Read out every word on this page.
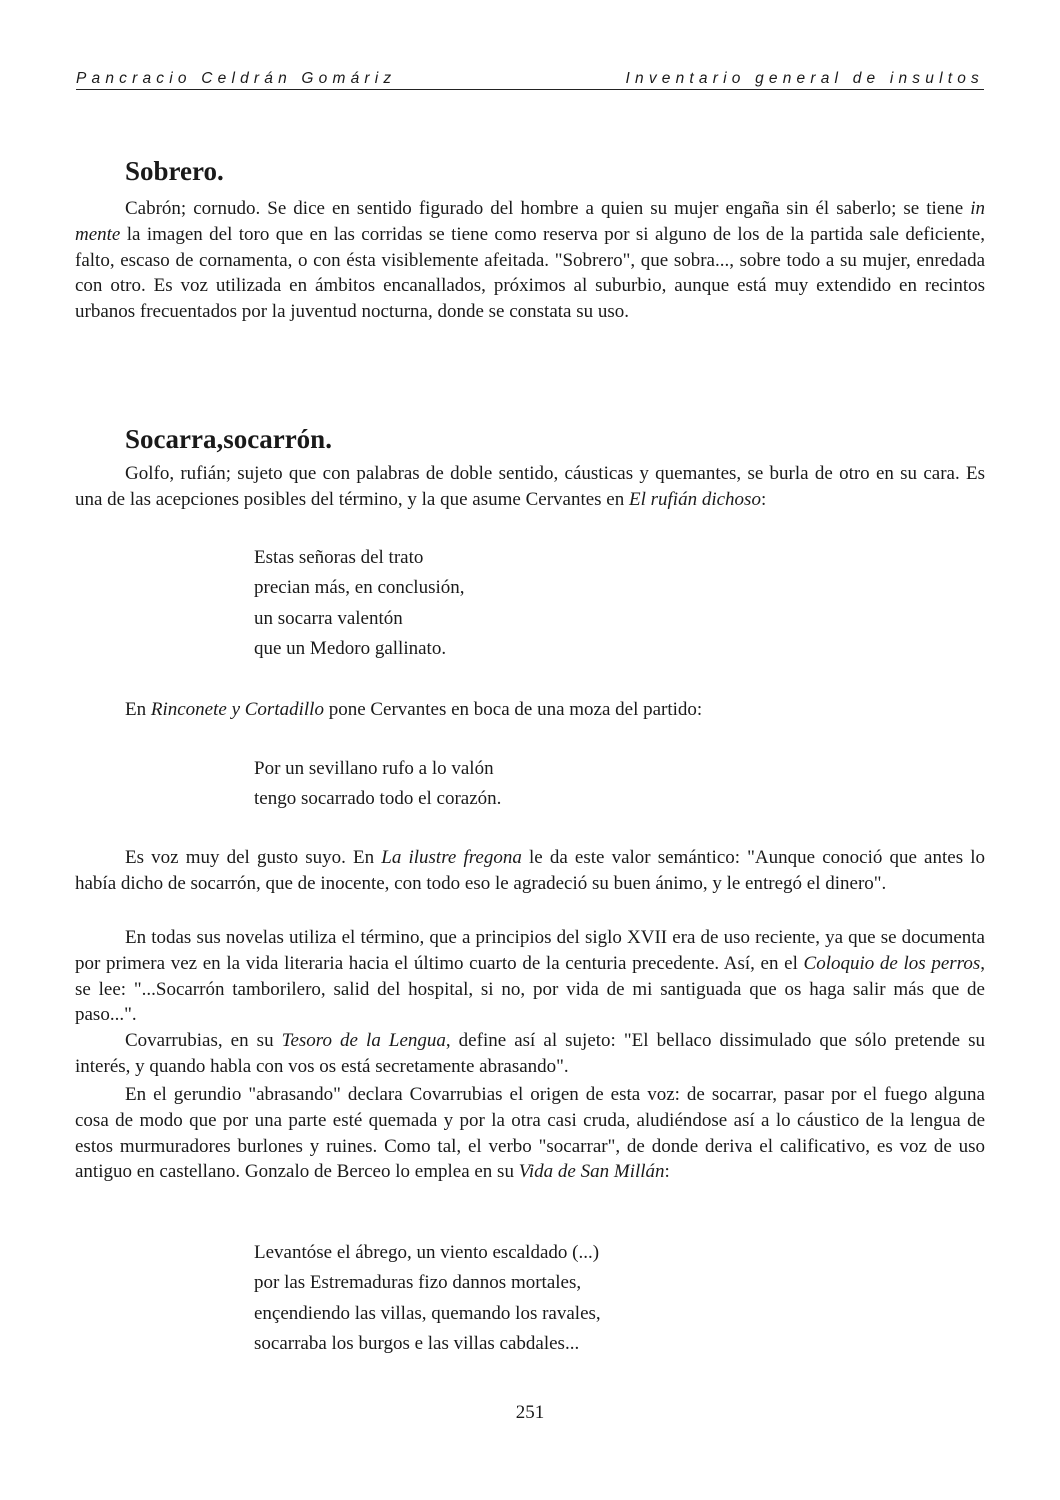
Pancracio Celdrán Gomáriz	Inventario general de insultos
Sobrero.
Cabrón; cornudo. Se dice en sentido figurado del hombre a quien su mujer engaña sin él saberlo; se tiene in mente la imagen del toro que en las corridas se tiene como reserva por si alguno de los de la partida sale deficiente, falto, escaso de cornamenta, o con ésta visiblemente afeitada. "Sobrero", que sobra..., sobre todo a su mujer, enredada con otro. Es voz utilizada en ámbitos encanallados, próximos al suburbio, aunque está muy extendido en recintos urbanos frecuentados por la juventud nocturna, donde se constata su uso.
Socarra,socarrón.
Golfo, rufián; sujeto que con palabras de doble sentido, cáusticas y quemantes, se burla de otro en su cara. Es una de las acepciones posibles del término, y la que asume Cervantes en El rufián dichoso:
Estas señoras del trato
precian más, en conclusión,
un socarra valentón
que un Medoro gallinato.
En Rinconete y Cortadillo pone Cervantes en boca de una moza del partido:
Por un sevillano rufo a lo valón
tengo socarrado todo el corazón.
Es voz muy del gusto suyo. En La ilustre fregona le da este valor semántico: "Aunque conoció que antes lo había dicho de socarrón, que de inocente, con todo eso le agradeció su buen ánimo, y le entregó el dinero".
En todas sus novelas utiliza el término, que a principios del siglo XVII era de uso reciente, ya que se documenta por primera vez en la vida literaria hacia el último cuarto de la centuria precedente. Así, en el Coloquio de los perros, se lee: "...Socarrón tamborilero, salid del hospital, si no, por vida de mi santiguada que os haga salir más que de paso...".
Covarrubias, en su Tesoro de la Lengua, define así al sujeto: "El bellaco dissimulado que sólo pretende su interés, y quando habla con vos os está secretamente abrasando".
En el gerundio "abrasando" declara Covarrubias el origen de esta voz: de socarrar, pasar por el fuego alguna cosa de modo que por una parte esté quemada y por la otra casi cruda, aludiéndose así a lo cáustico de la lengua de estos murmuradores burlones y ruines. Como tal, el verbo "socarrar", de donde deriva el calificativo, es voz de uso antiguo en castellano. Gonzalo de Berceo lo emplea en su Vida de San Millán:
Levantóse el ábrego, un viento escaldado (...)
por las Estremaduras fizo dannos mortales,
ençendiendo las villas, quemando los ravales,
socarraba los burgos e las villas cabdales...
251
